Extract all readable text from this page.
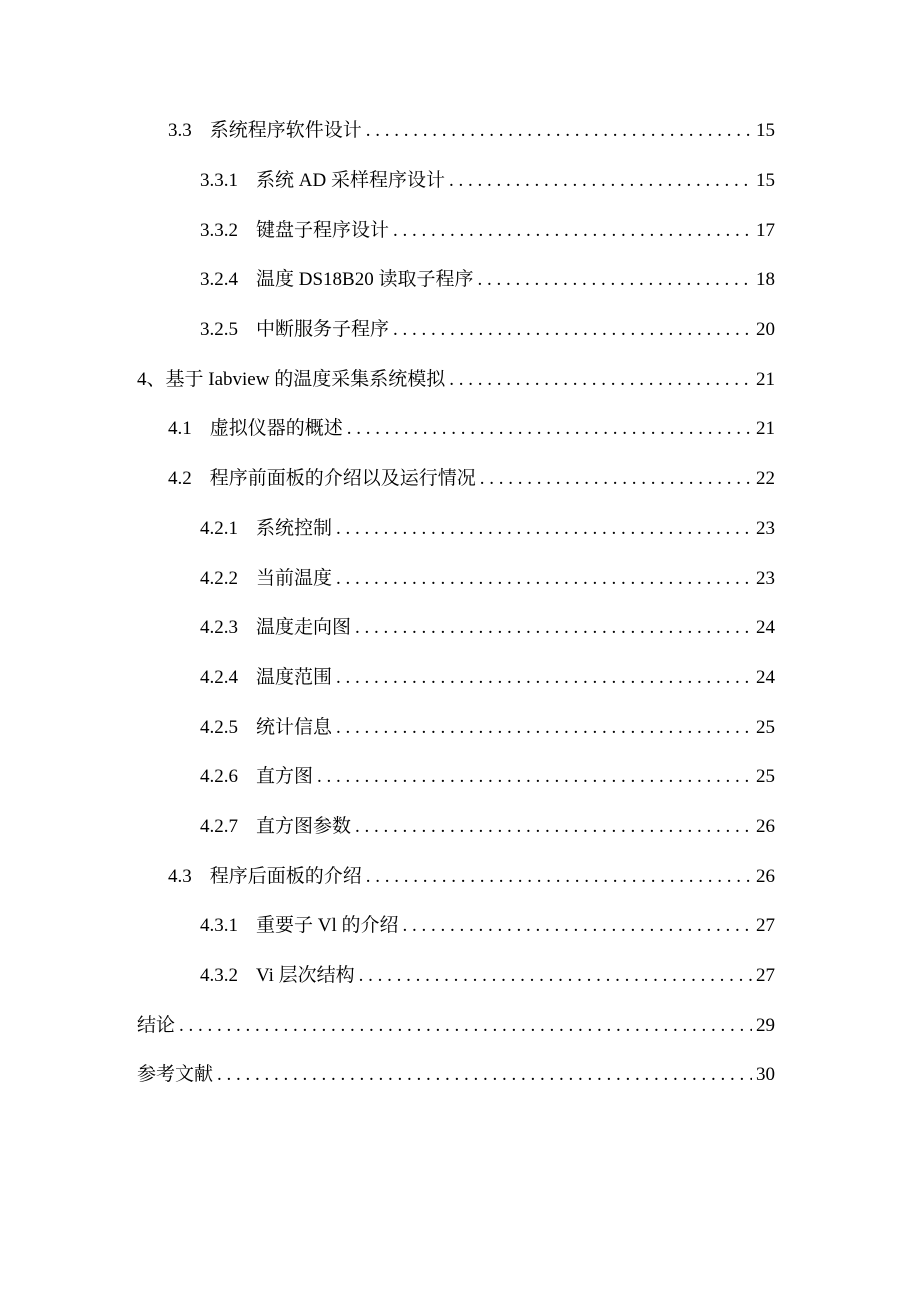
3.3 系统程序软件设计 . . .	15
3.3.1 系统 AD 采样程序设计 . . .	15
3.3.2 键盘子程序设计 . . .	17
3.2.4 温度 DS18B20 读取子程序 . . .	18
3.2.5 中断服务子程序 . . .	20
4、基于 Iabview 的温度采集系统模拟 . . .	21
4.1 虚拟仪器的概述 . . .	21
4.2 程序前面板的介绍以及运行情况 . . .	22
4.2.1 系统控制 . . .	23
4.2.2 当前温度 . . .	23
4.2.3 温度走向图 . . .	24
4.2.4 温度范围 . . .	24
4.2.5 统计信息 . . .	25
4.2.6 直方图 . . .	25
4.2.7 直方图参数 . . .	26
4.3 程序后面板的介绍 . . .	26
4.3.1 重要子 Vl 的介绍 . . .	27
4.3.2 Vi 层次结构 . . .	27
结论 . . .	29
参考文献 . . .	30
